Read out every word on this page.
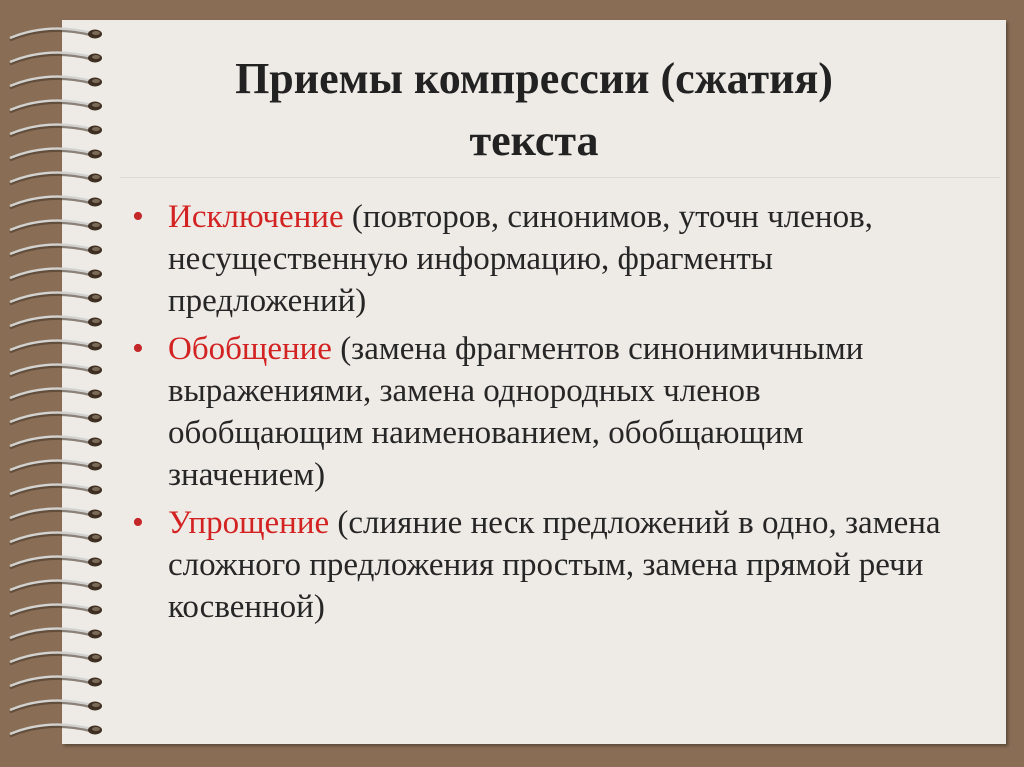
Приемы компрессии (сжатия)
текста
• Исключение (повторов, синонимов, уточн членов, несущественную информацию, фрагменты предложений)
• Обобщение (замена фрагментов синонимичными выражениями, замена однородных членов обобщающим наименованием, обобщающим значением)
• Упрощение (слияние неск предложений в одно, замена сложного предложения простым, замена прямой речи косвенной)
